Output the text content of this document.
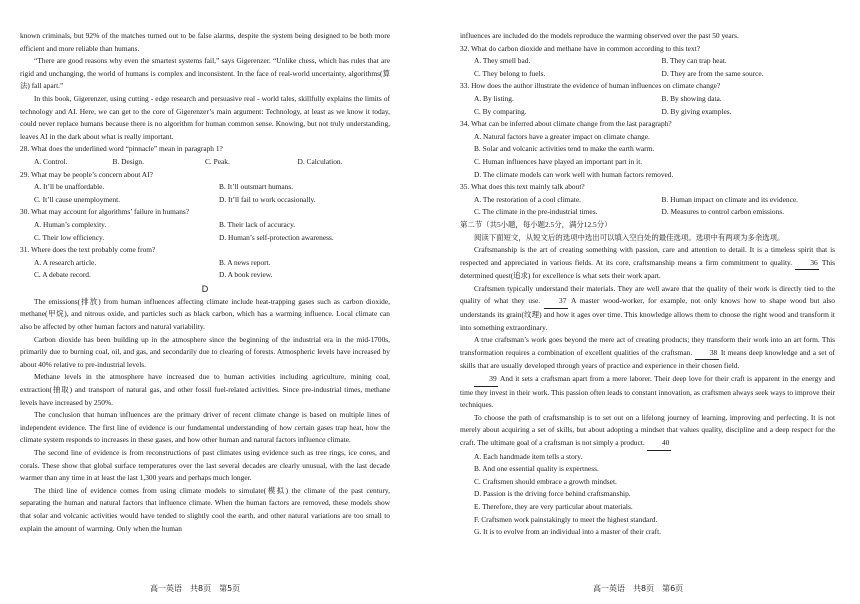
known criminals, but 92% of the matches turned out to be false alarms, despite the system being designed to be both more efficient and more reliable than humans.

“There are good reasons why even the smartest systems fail,” says Gigerenzer. “Unlike chess, which has rules that are rigid and unchanging, the world of humans is complex and inconsistent. In the face of real-world uncertainty, algorithms(算法) fall apart.”

In this book, Gigerenzer, using cutting - edge research and persuasive real - world tales, skillfully explains the limits of technology and AI. Here, we can get to the core of Gigerenzer’s main argument: Technology, at least as we know it today, could never replace humans because there is no algorithm for human common sense. Knowing, but not truly understanding, leaves AI in the dark about what is really important.

28. What does the underlined word “pinnacle” mean in paragraph 1?

A. Control.	B. Design.	C. Peak.	D. Calculation.

29. What may be people’s concern about AI?

A. It’ll be unaffordable.	B. It’ll outsmart humans.
C. It’ll cause unemployment.	D. It’ll fail to work occasionally.

30. What may account for algorithms’ failure in humans?

A. Human’s complexity.	B. Their lack of accuracy.
C. Their low efficiency.	D. Human’s self-protection awareness.

31. Where does the text probably come from?

A. A research article.	B. A news report.
C. A debate record.	D. A book review.
D

The emissions(排放) from human influences affecting climate include heat-trapping gases such as carbon dioxide, methane(甲烷), and nitrous oxide, and particles such as black carbon, which has a warming influence. Local climate can also be affected by other human factors and natural variability.

Carbon dioxide has been building up in the atmosphere since the beginning of the industrial era in the mid-1700s, primarily due to burning coal, oil, and gas, and secondarily due to clearing of forests. Atmospheric levels have increased by about 40% relative to pre-industrial levels.

Methane levels in the atmosphere have increased due to human activities including agriculture, mining coal, extraction(抽取) and transport of natural gas, and other fossil fuel-related activities. Since pre-industrial times, methane levels have increased by 250%.

The conclusion that human influences are the primary driver of recent climate change is based on multiple lines of independent evidence. The first line of evidence is our fundamental understanding of how certain gases trap heat, how the climate system responds to increases in these gases, and how other human and natural factors influence climate.

The second line of evidence is from reconstructions of past climates using evidence such as tree rings, ice cores, and corals. These show that global surface temperatures over the last several decades are clearly unusual, with the last decade warmer than any time in at least the last 1,300 years and perhaps much longer.

The third line of evidence comes from using climate models to simulate(模拟) the climate of the past century, separating the human and natural factors that influence climate. When the human factors are removed, these models show that solar and volcanic activities would have tended to slightly cool the earth, and other natural variations are too small to explain the amount of warming. Only when the human

influences are included do the models reproduce the warming observed over the past 50 years.

32. What do carbon dioxide and methane have in common according to this text?

A. They smell bad.	B. They can trap heat.
C. They belong to fuels.	D. They are from the same source.

33. How does the author illustrate the evidence of human influences on climate change?

A. By listing.	B. By showing data.
C. By comparing.	D. By giving examples.

34. What can be inferred about climate change from the last paragraph?

A. Natural factors have a greater impact on climate change.

B. Solar and volcanic activities tend to make the earth warm.

C. Human influences have played an important part in it.

D. The climate models can work well with human factors removed.

35. What does this text mainly talk about?

A. The restoration of a cool climate.	B. Human impact on climate and its evidence.
C. The climate in the pre-industrial times.	D. Measures to control carbon emissions.

第二节（共5小题，每小题2.5分，满分12.5分）

阅读下面短文，从短文后的选项中选出可以填入空白处的最佳选项。选项中有两项为多余选项。

Craftsmanship is the art of creating something with passion, care and attention to detail. It is a timeless spirit that is respected and appreciated in various fields. At its core, craftsmanship means a firm commitment to quality. 36 This determined quest(追求) for excellence is what sets their work apart.

Craftsmen typically understand their materials. They are well aware that the quality of their work is directly tied to the quality of what they use.	37 A master wood-worker, for example, not only knows how to shape wood but also understands its grain(纹理) and how it ages over time. This knowledge allows them to choose the right wood and transform it into something extraordinary.

A true craftsman’s work goes beyond the mere act of creating products; they transform their work into an art form. This transformation requires a combination of excellent qualities of the craftsman. 38 It means deep knowledge and a set of skills that are usually developed through years of practice and experience in their chosen field.

39 And it sets a craftsman apart from a mere laborer. Their deep love for their craft is apparent in the energy and time they invest in their work. This passion often leads to constant innovation, as craftsmen always seek ways to improve their techniques.

To choose the path of craftsmanship is to set out on a lifelong journey of learning, improving and perfecting. It is not merely about acquiring a set of skills, but about adopting a mindset that values quality, discipline and a deep respect for the craft. The ultimate goal of a craftsman is not simply a product. 40

A. Each handmade item tells a story.

B. And one essential quality is expertness.

C. Craftsmen should embrace a growth mindset.

D. Passion is the driving force behind craftsmanship.

E. Therefore, they are very particular about materials.

F. Craftsmen work painstakingly to meet the highest standard.

G. It is to evolve from an individual into a master of their craft.

高一英语　共8页　第5页	高一英语　共8页　第6页
